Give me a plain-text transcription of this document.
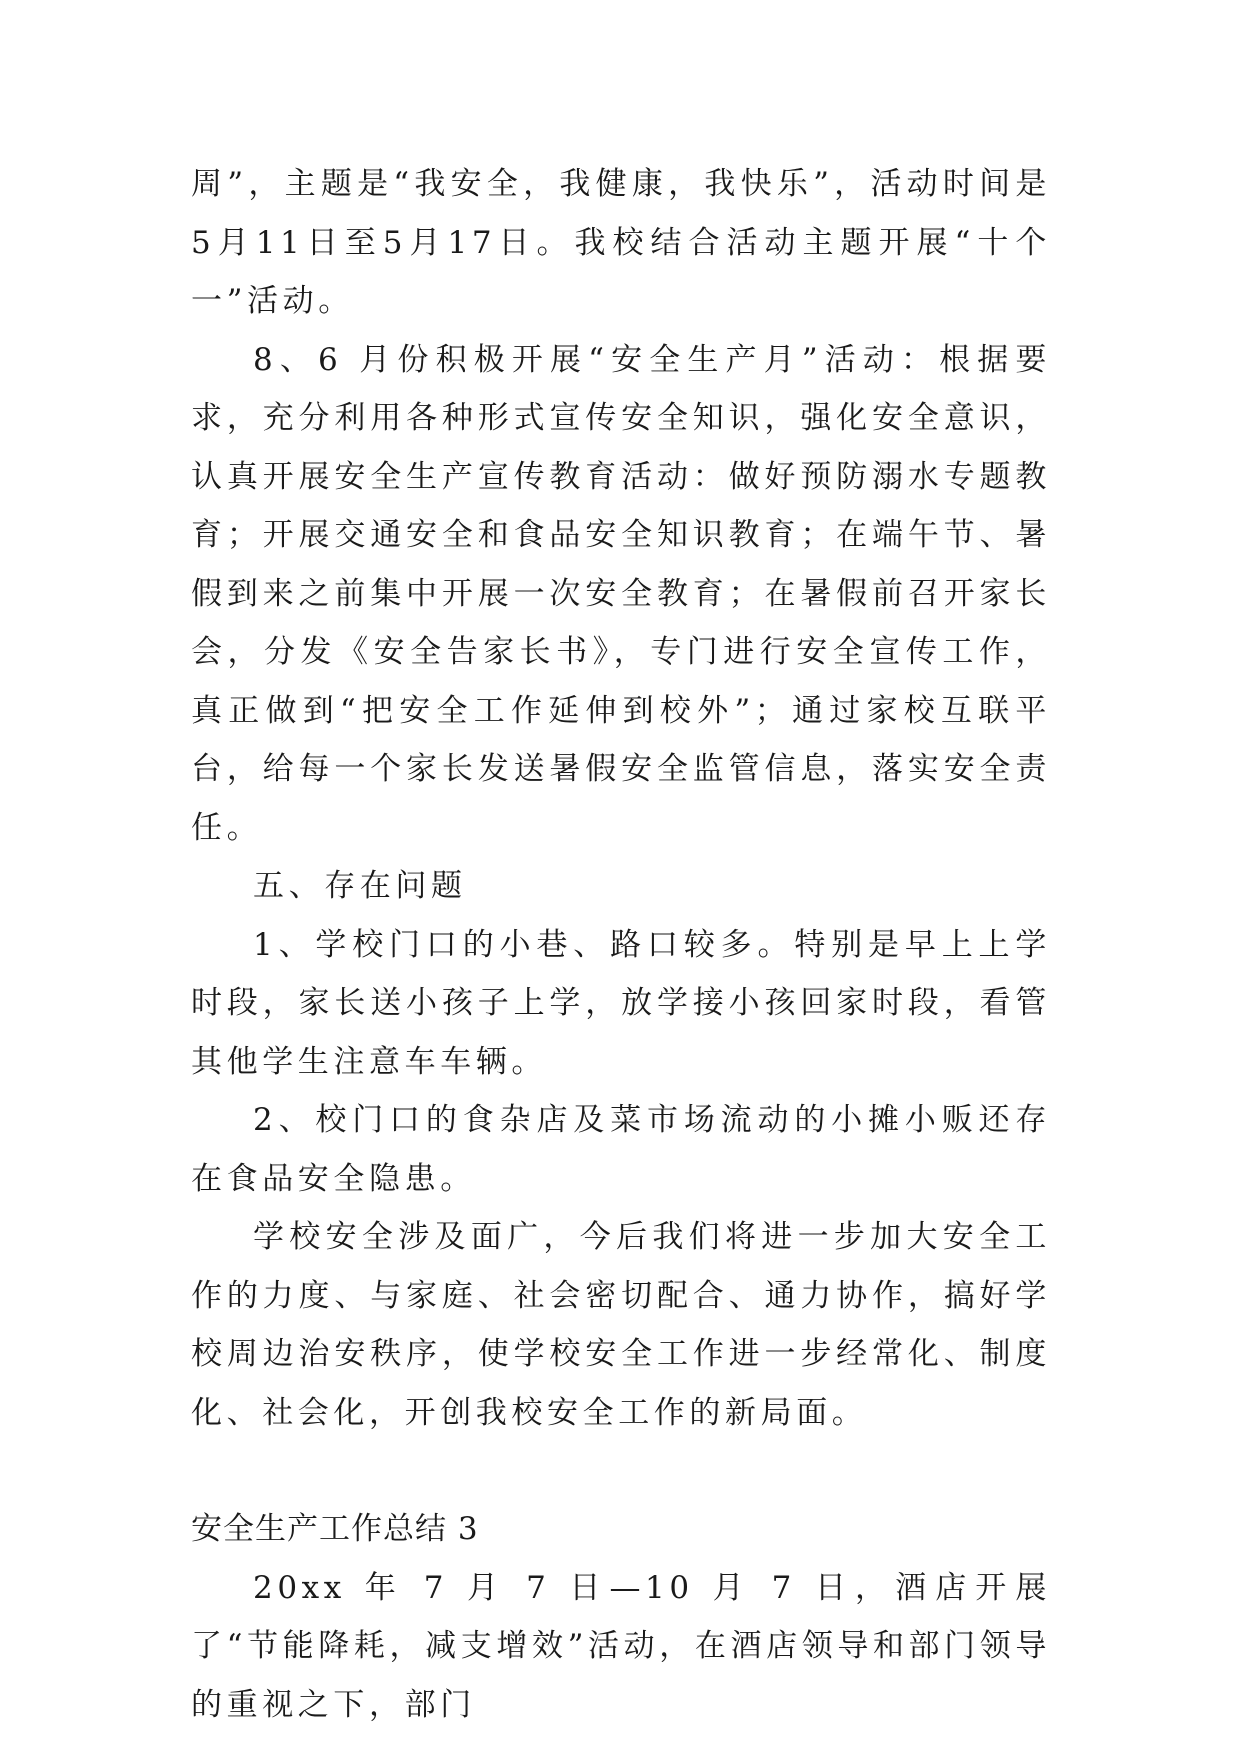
周”，主题是“我安全，我健康，我快乐”，活动时间是5月11日至5月17日。我校结合活动主题开展“十个一”活动。

8、6 月份积极开展“安全生产月”活动：根据要求，充分利用各种形式宣传安全知识，强化安全意识，认真开展安全生产宣传教育活动：做好预防溺水专题教育；开展交通安全和食品安全知识教育；在端午节、暑假到来之前集中开展一次安全教育；在暑假前召开家长会，分发《安全告家长书》，专门进行安全宣传工作，真正做到“把安全工作延伸到校外”；通过家校互联平台，给每一个家长发送暑假安全监管信息，落实安全责任。

五、存在问题

1、学校门口的小巷、路口较多。特别是早上上学时段，家长送小孩子上学，放学接小孩回家时段，看管其他学生注意车车辆。

2、校门口的食杂店及菜市场流动的小摊小贩还存在食品安全隐患。

学校安全涉及面广，今后我们将进一步加大安全工作的力度、与家庭、社会密切配合、通力协作，搞好学校周边治安秩序，使学校安全工作进一步经常化、制度化、社会化，开创我校安全工作的新局面。

安全生产工作总结 3

20xx 年 7 月 7 日—10 月 7 日，酒店开展了“节能降耗，减支增效”活动，在酒店领导和部门领导的重视之下，部门
